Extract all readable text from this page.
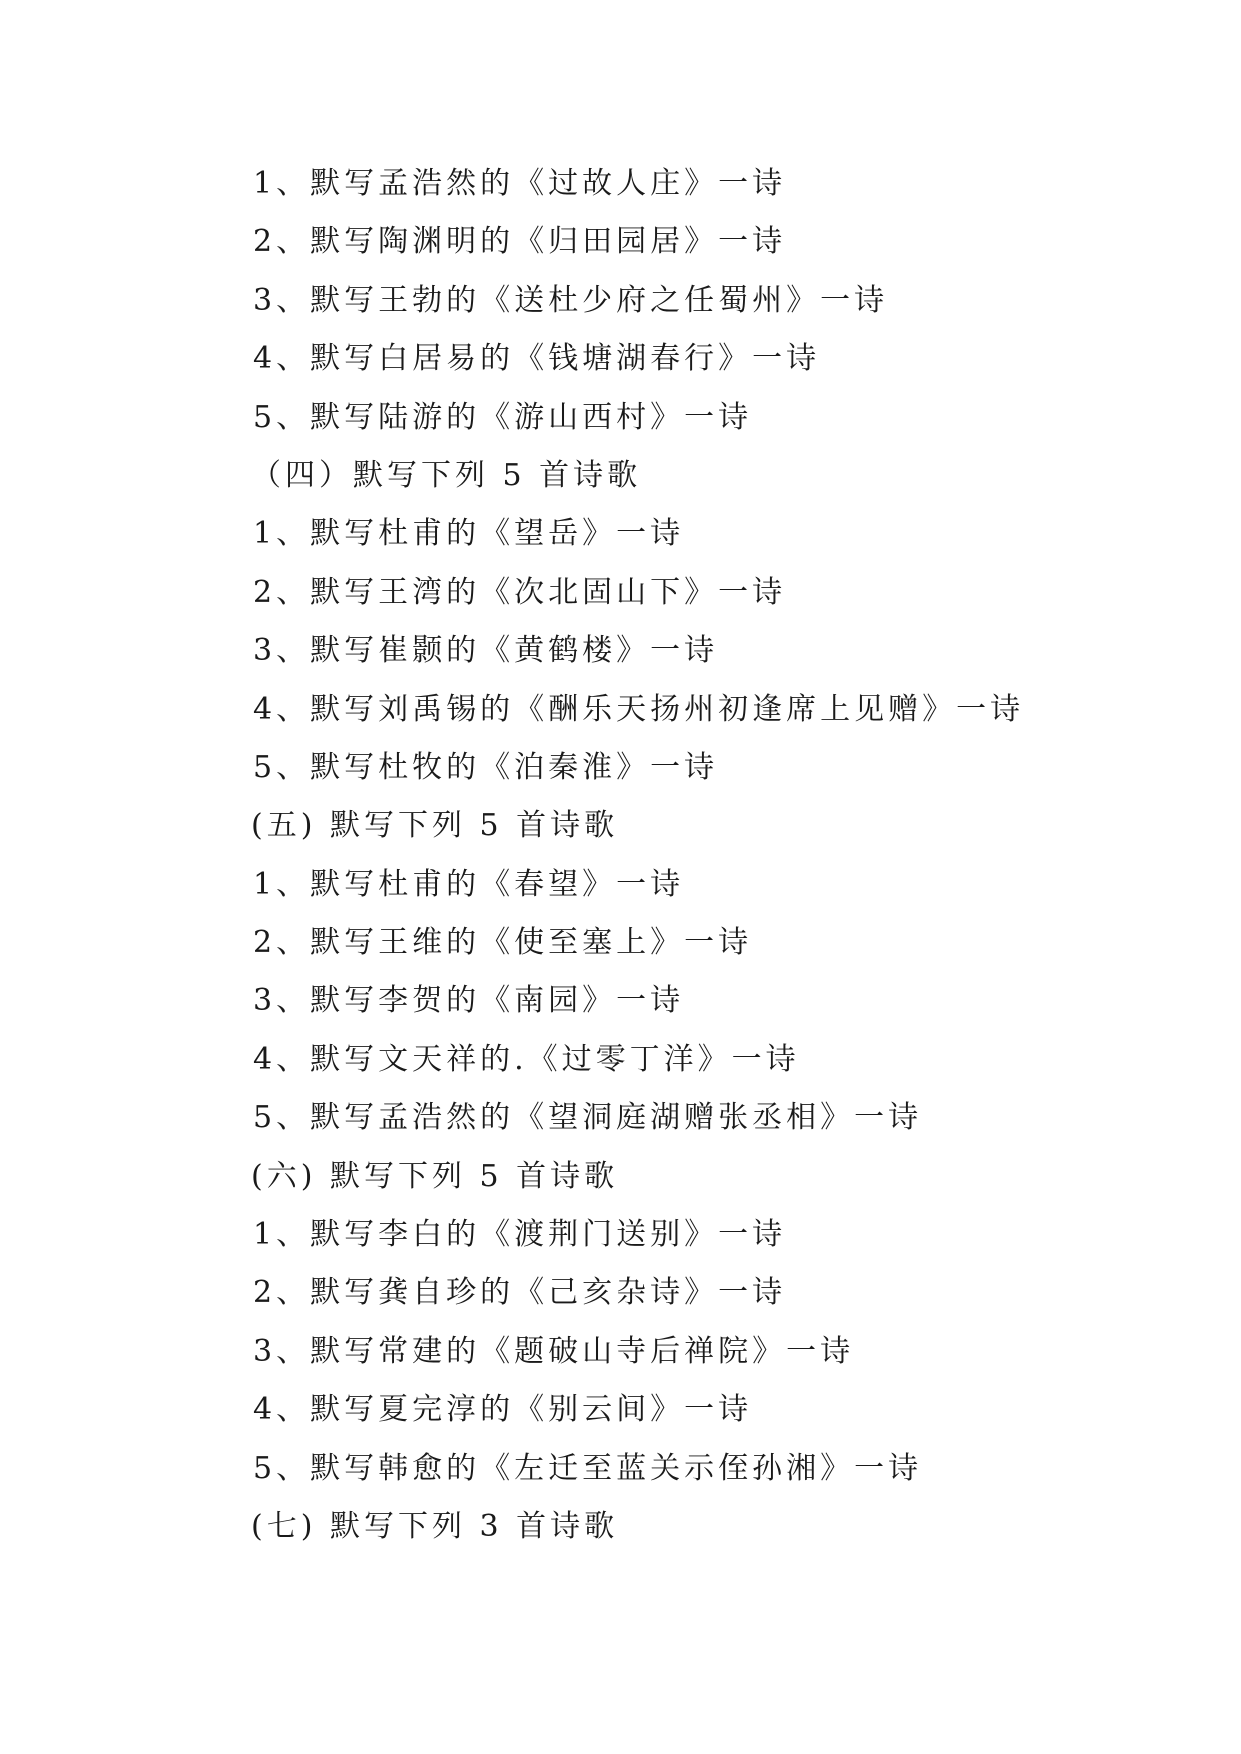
1、默写孟浩然的《过故人庄》一诗
2、默写陶渊明的《归田园居》一诗
3、默写王勃的《送杜少府之任蜀州》一诗
4、默写白居易的《钱塘湖春行》一诗
5、默写陆游的《游山西村》一诗
（四）默写下列 5 首诗歌
1、默写杜甫的《望岳》一诗
2、默写王湾的《次北固山下》一诗
3、默写崔颢的《黄鹤楼》一诗
4、默写刘禹锡的《酬乐天扬州初逢席上见赠》一诗
5、默写杜牧的《泊秦淮》一诗
(五) 默写下列 5 首诗歌
1、默写杜甫的《春望》一诗
2、默写王维的《使至塞上》一诗
3、默写李贺的《南园》一诗
4、默写文天祥的.《过零丁洋》一诗
5、默写孟浩然的《望洞庭湖赠张丞相》一诗
(六) 默写下列 5 首诗歌
1、默写李白的《渡荆门送别》一诗
2、默写龚自珍的《己亥杂诗》一诗
3、默写常建的《题破山寺后禅院》一诗
4、默写夏完淳的《别云间》一诗
5、默写韩愈的《左迁至蓝关示侄孙湘》一诗
(七) 默写下列 3 首诗歌
